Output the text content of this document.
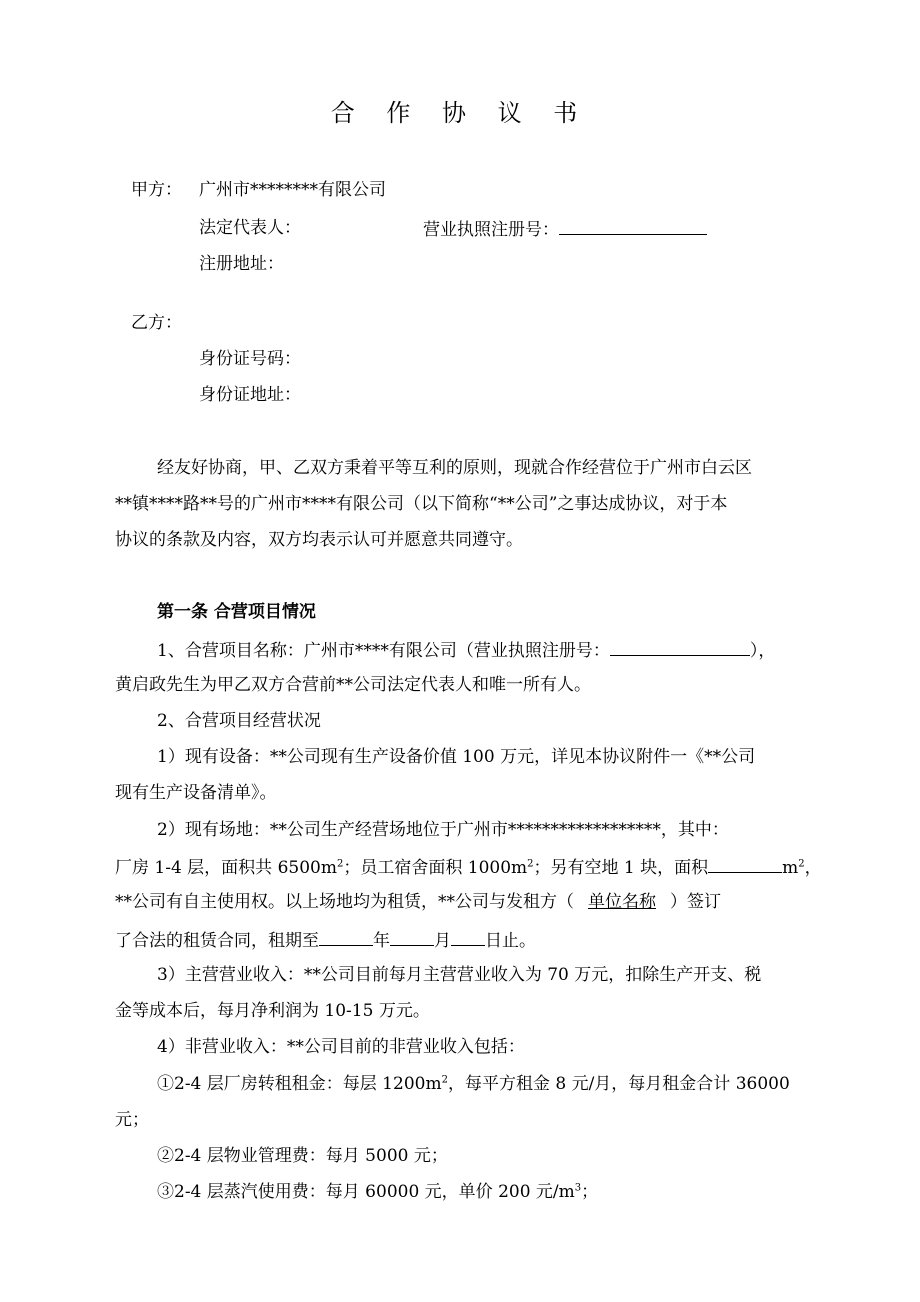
合 作 协 议 书
甲方： 广州市********有限公司
法定代表人：	营业执照注册号：
注册地址：
乙方：
身份证号码：
身份证地址：
经友好协商，甲、乙双方秉着平等互利的原则，现就合作经营位于广州市白云区
**镇****路**号的广州市****有限公司（以下简称“**公司”之事达成协议，对于本
协议的条款及内容，双方均表示认可并愿意共同遵守。
第一条 合营项目情况
1、合营项目名称：广州市****有限公司（营业执照注册号：	），
黄启政先生为甲乙双方合营前**公司法定代表人和唯一所有人。
2、合营项目经营状况
1）现有设备：**公司现有生产设备价值 100 万元，详见本协议附件一《**公司
现有生产设备清单》。
2）现有场地：**公司生产经营场地位于广州市******************，其中：
厂房 1-4 层，面积共 $6500m^2$；员工宿舍面积 $1000m^2$；另有空地 1 块，面积	$m^2$，
**公司有自主使用权。以上场地均为租赁，**公司与发租方（ 单位名称 ）签订
了合法的租赁合同，租期至	年	月 日止。
3）主营营业收入：**公司目前每月主营营业收入为 70 万元，扣除生产开支、税
金等成本后，每月净利润为 10-15 万元。
4）非营业收入：**公司目前的非营业收入包括：
①2-4 层厂房转租租金：每层 $1200m^2$，每平方租金 8 元/月，每月租金合计 36000
元；
②2-4 层物业管理费：每月 5000 元；
③2-4 层蒸汽使用费：每月 60000 元，单价 200 元$/m^3$；
